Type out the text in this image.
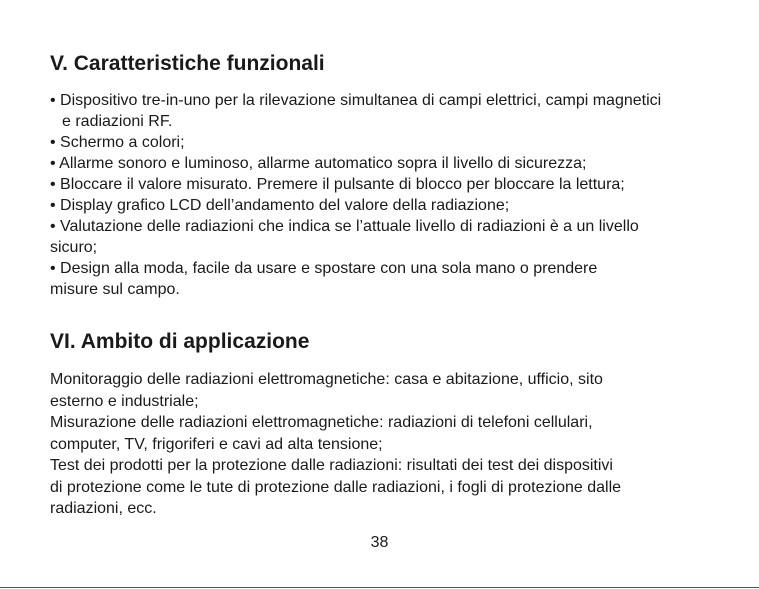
V. Caratteristiche funzionali
• Dispositivo tre-in-uno per la rilevazione simultanea di campi elettrici, campi magnetici
e radiazioni RF.
• Schermo a colori;
• Allarme sonoro e luminoso, allarme automatico sopra il livello di sicurezza;
• Bloccare il valore misurato. Premere il pulsante di blocco per bloccare la lettura;
• Display grafico LCD dell’andamento del valore della radiazione;
• Valutazione delle radiazioni che indica se l’attuale livello di radiazioni è a un livello
sicuro;
• Design alla moda, facile da usare e spostare con una sola mano o prendere
misure sul campo.
VI. Ambito di applicazione
Monitoraggio delle radiazioni elettromagnetiche: casa e abitazione, ufficio, sito
esterno e industriale;
Misurazione delle radiazioni elettromagnetiche: radiazioni di telefoni cellulari,
computer, TV, frigoriferi e cavi ad alta tensione;
Test dei prodotti per la protezione dalle radiazioni: risultati dei test dei dispositivi
di protezione come le tute di protezione dalle radiazioni, i fogli di protezione dalle
radiazioni, ecc.
38
